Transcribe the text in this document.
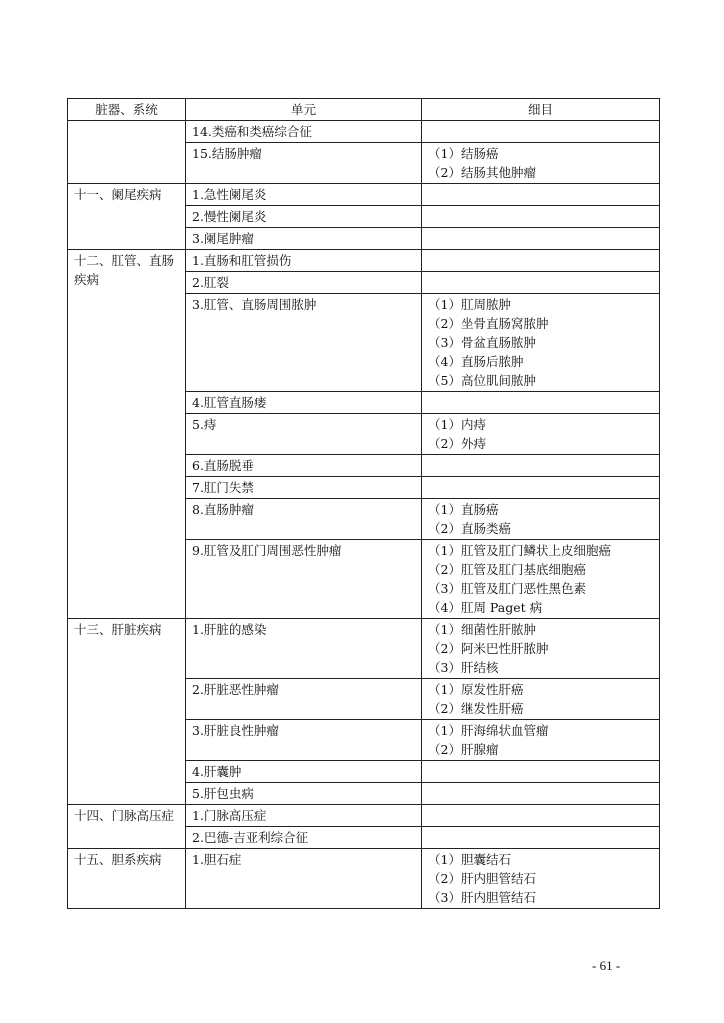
脏器、系统	单元	细目
	14.类癌和类癌综合征	
	15.结肠肿瘤	（1）结肠癌
（2）结肠其他肿瘤

十一、阑尾疾病	1.急性阑尾炎	
	2.慢性阑尾炎	
	3.阑尾肿瘤	
十二、肛管、直肠疾病	1.直肠和肛管损伤	
	2.肛裂	
	3.肛管、直肠周围脓肿	（1）肛周脓肿
（2）坐骨直肠窝脓肿
（3）骨盆直肠脓肿
（4）直肠后脓肿
（5）高位肌间脓肿

	4.肛管直肠瘘	
	5.痔	（1）内痔
（2）外痔

	6.直肠脱垂	
	7.肛门失禁	
	8.直肠肿瘤	（1）直肠癌
（2）直肠类癌

	9.肛管及肛门周围恶性肿瘤	（1）肛管及肛门鳞状上皮细胞癌
（2）肛管及肛门基底细胞癌
（3）肛管及肛门恶性黑色素
（4）肛周 Paget 病

十三、肝脏疾病	1.肝脏的感染	（1）细菌性肝脓肿
（2）阿米巴性肝脓肿
（3）肝结核

	2.肝脏恶性肿瘤	（1）原发性肝癌
（2）继发性肝癌

	3.肝脏良性肿瘤	（1）肝海绵状血管瘤
（2）肝腺瘤

	4.肝囊肿	
	5.肝包虫病	
十四、门脉高压症	1.门脉高压症	
	2.巴德-吉亚利综合征	
十五、胆系疾病	1.胆石症	（1）胆囊结石
（2）肝内胆管结石
（3）肝内胆管结石
- 61 -
